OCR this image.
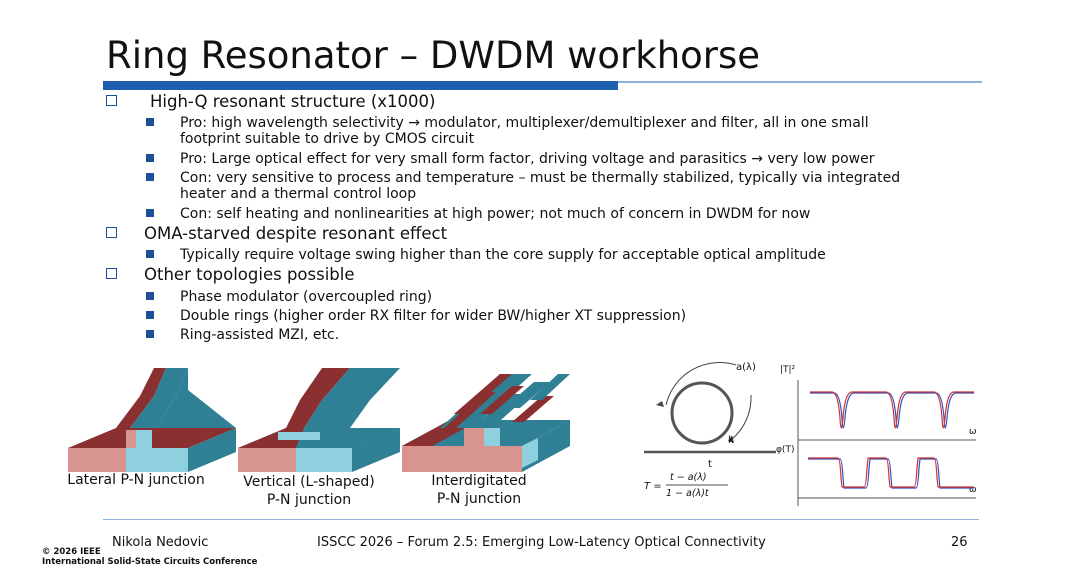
Ring Resonator – DWDM workhorse
High-Q resonant structure (x1000)
Pro: high wavelength selectivity → modulator, multiplexer/demultiplexer and filter, all in one small
footprint suitable to drive by CMOS circuit
Pro: Large optical effect for very small form factor, driving voltage and parasitics → very low power
Con: very sensitive to process and temperature – must be thermally stabilized, typically via integrated
heater and a thermal control loop
Con: self heating and nonlinearities at high power; not much of concern in DWDM for now
OMA-starved despite resonant effect
Typically require voltage swing higher than the core supply for acceptable optical amplitude
Other topologies possible
Phase modulator (overcoupled ring)
Double rings (higher order RX filter for wider BW/higher XT suppression)
Ring-assisted MZI, etc.
Lateral P-N junction	Vertical (L-shaped)
P-N junction
Interdigitated
P-N junction
a(λ)
k
t
T =
t − a(λ)
1 − a(λ)t
|T|²
ω
φ(T)
ω
Nikola Nedovic	ISSCC 2026 – Forum 2.5: Emerging Low-Latency Optical Connectivity	26
© 2026 IEEE
International Solid-State Circuits Conference
